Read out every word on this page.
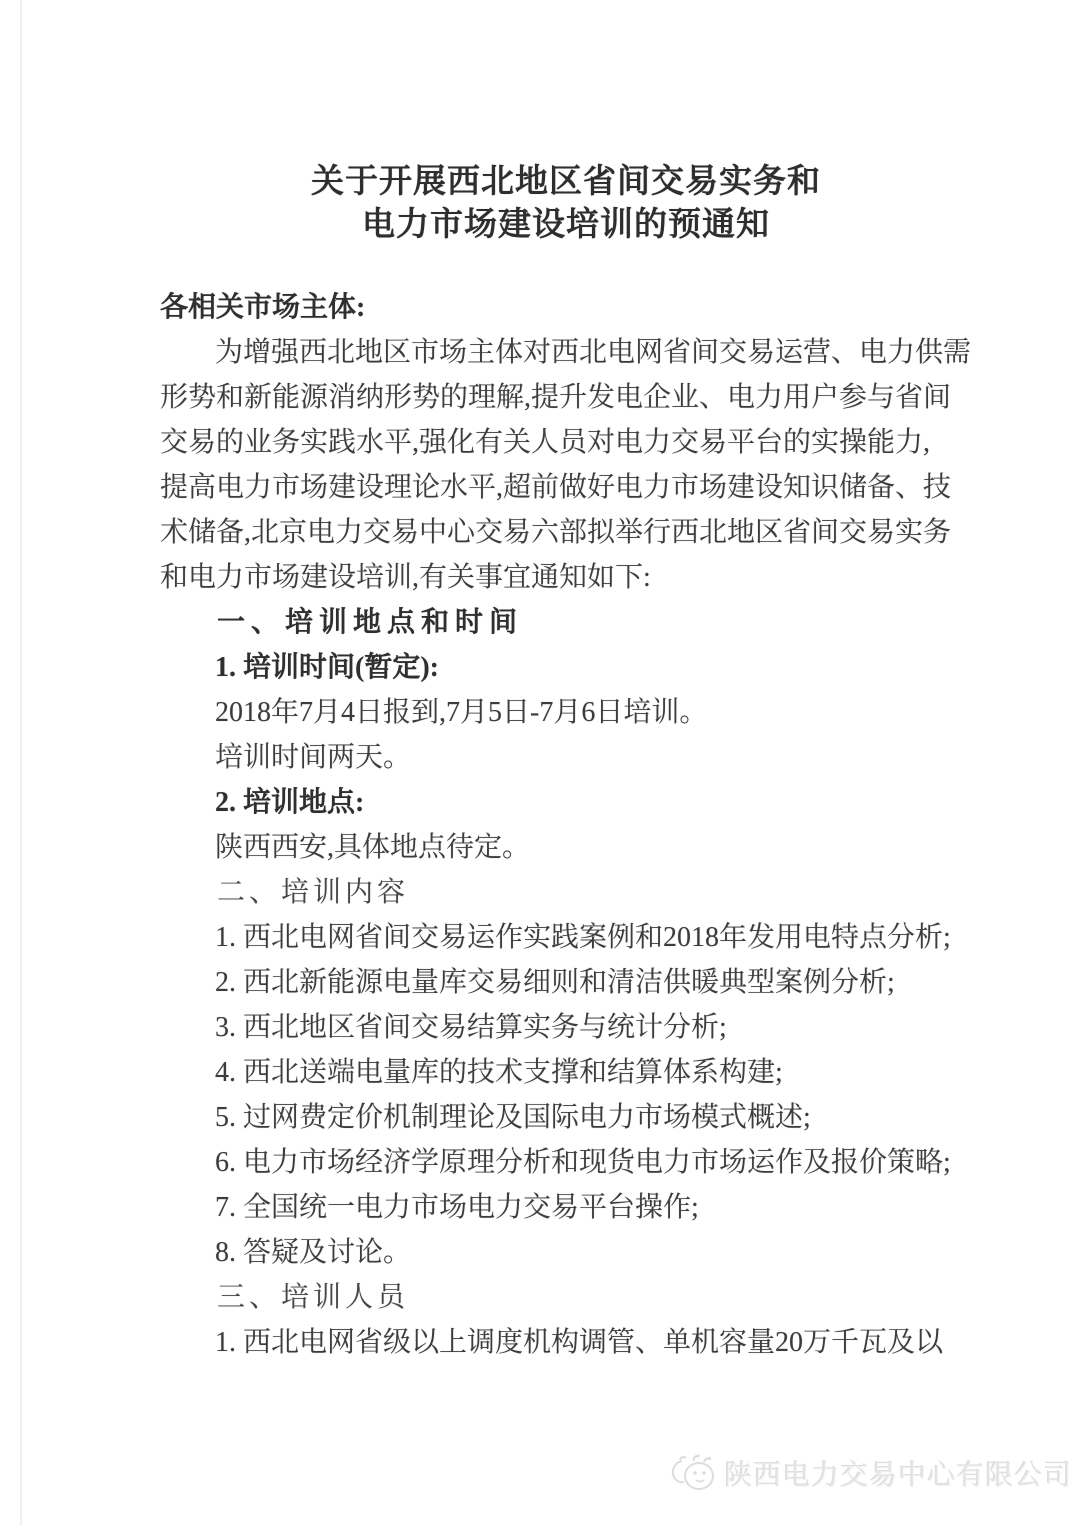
关于开展西北地区省间交易实务和
电力市场建设培训的预通知
各相关市场主体:
为增强西北地区市场主体对西北电网省间交易运营、电力供需
形势和新能源消纳形势的理解,提升发电企业、电力用户参与省间
交易的业务实践水平,强化有关人员对电力交易平台的实操能力,
提高电力市场建设理论水平,超前做好电力市场建设知识储备、技
术储备,北京电力交易中心交易六部拟举行西北地区省间交易实务
和电力市场建设培训,有关事宜通知如下:
一、培训地点和时间
1. 培训时间(暂定):
2018年7月4日报到,7月5日-7月6日培训。
培训时间两天。
2. 培训地点:
陕西西安,具体地点待定。
二、培训内容
1. 西北电网省间交易运作实践案例和2018年发用电特点分析;
2. 西北新能源电量库交易细则和清洁供暖典型案例分析;
3. 西北地区省间交易结算实务与统计分析;
4. 西北送端电量库的技术支撑和结算体系构建;
5. 过网费定价机制理论及国际电力市场模式概述;
6. 电力市场经济学原理分析和现货电力市场运作及报价策略;
7. 全国统一电力市场电力交易平台操作;
8. 答疑及讨论。
三、培训人员
1. 西北电网省级以上调度机构调管、单机容量20万千瓦及以
陕西电力交易中心有限公司
